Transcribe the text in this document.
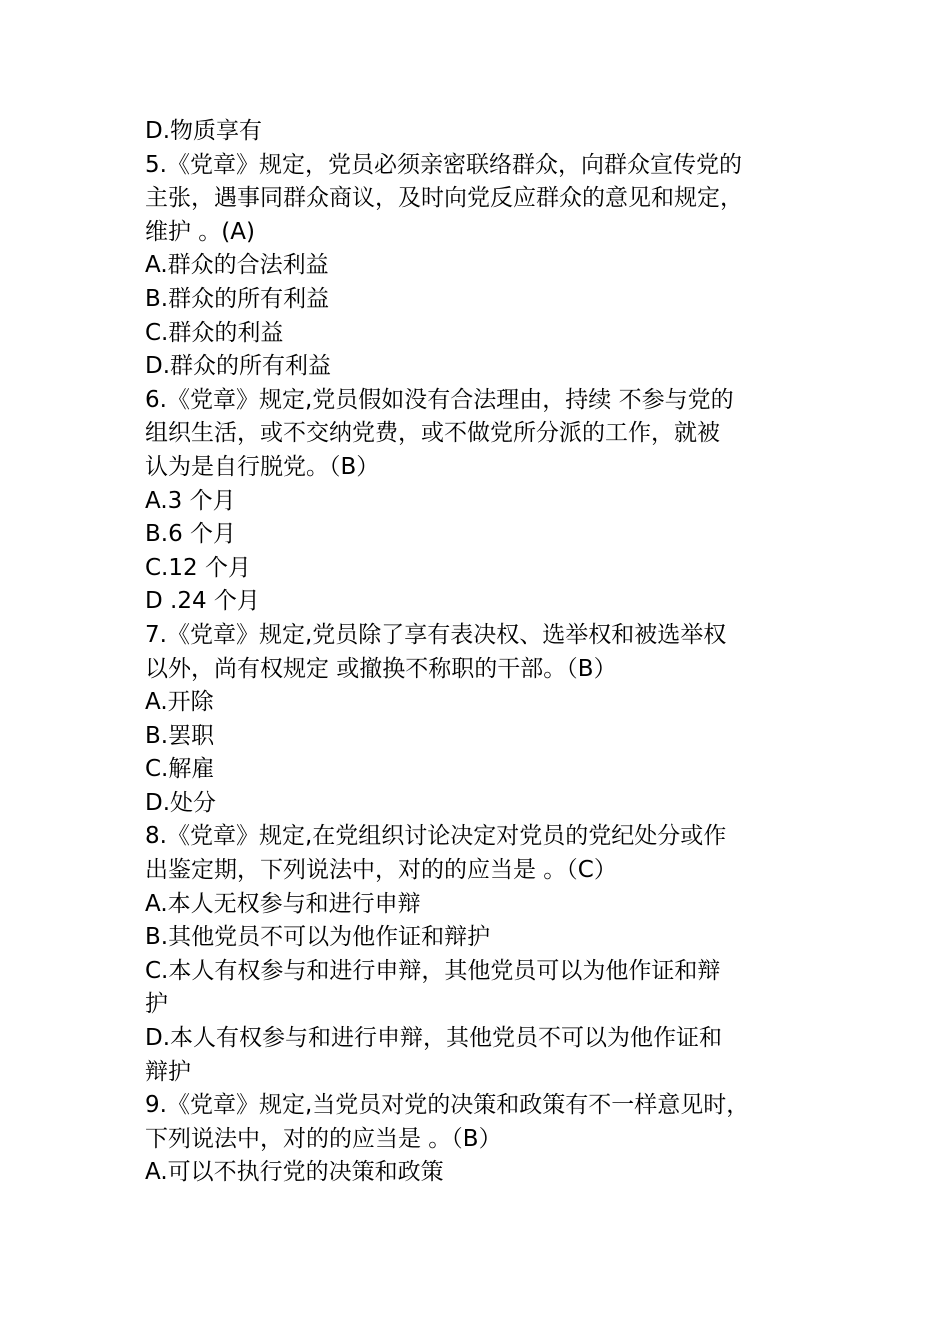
D.物质享有
5.《党章》规定，党员必须亲密联络群众，向群众宣传党的
主张，遇事同群众商议，及时向党反应群众的意见和规定，
维护 。(A)
A.群众的合法利益
B.群众的所有利益
C.群众的利益
D.群众的所有利益
6.《党章》规定,党员假如没有合法理由，持续 不参与党的
组织生活，或不交纳党费，或不做党所分派的工作，就被
认为是自行脱党。（B）
A.3 个月
B.6 个月
C.12 个月
D .24 个月
7.《党章》规定,党员除了享有表决权、选举权和被选举权
以外，尚有权规定 或撤换不称职的干部。（B）
A.开除
B.罢职
C.解雇
D.处分
8.《党章》规定,在党组织讨论决定对党员的党纪处分或作
出鉴定期，下列说法中，对的的应当是 。（C）
A.本人无权参与和进行申辩
B.其他党员不可以为他作证和辩护
C.本人有权参与和进行申辩，其他党员可以为他作证和辩
护
D.本人有权参与和进行申辩，其他党员不可以为他作证和
辩护
9.《党章》规定,当党员对党的决策和政策有不一样意见时，
下列说法中，对的的应当是 。（B）
A.可以不执行党的决策和政策
